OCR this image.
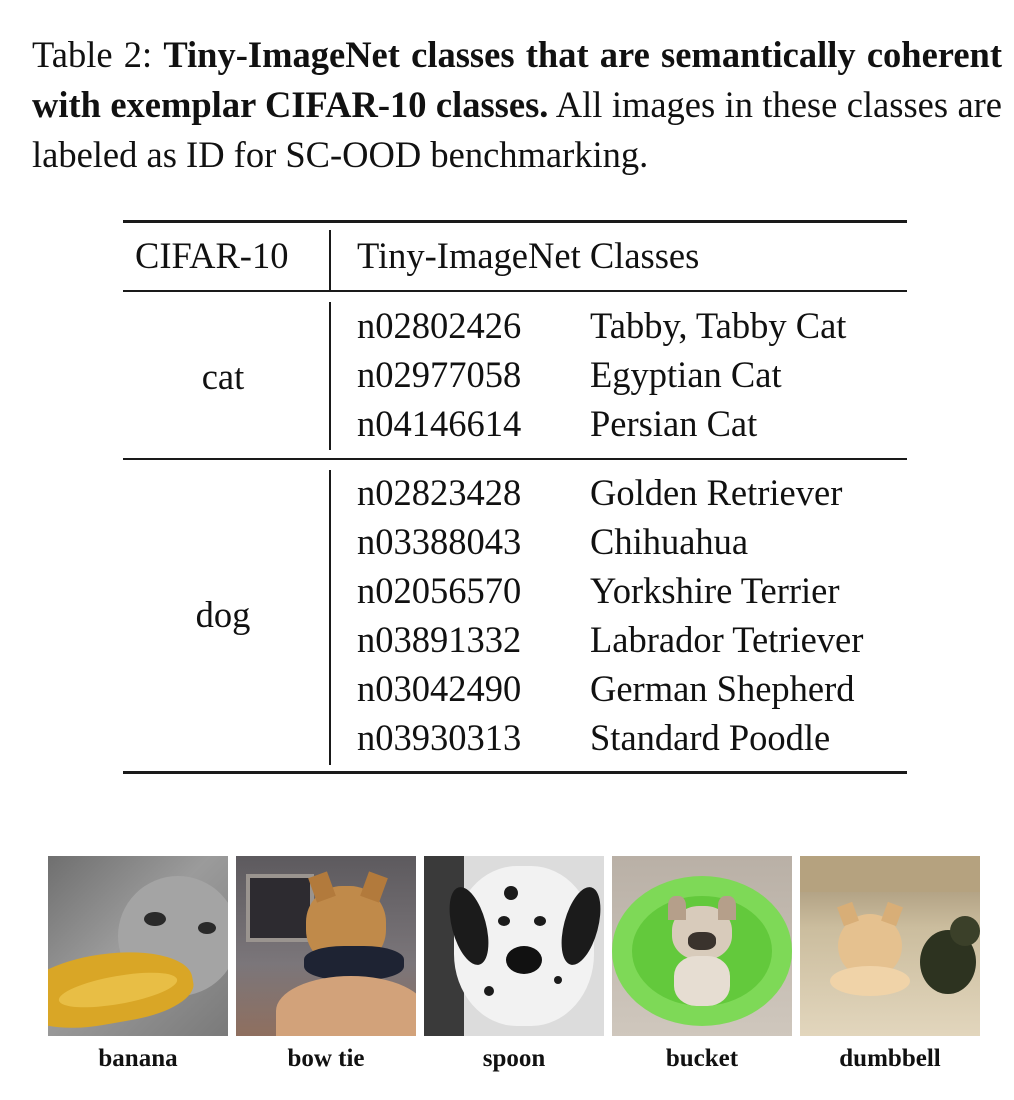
Table 2: Tiny-ImageNet classes that are semantically coherent with exemplar CIFAR-10 classes. All images in these classes are labeled as ID for SC-OOD benchmarking.
CIFAR-10 Tiny-ImageNet Classes
cat
n02802426 Tabby, Tabby Cat
n02977058 Egyptian Cat
n04146614 Persian Cat
dog
n02823428 Golden Retriever
n03388043 Chihuahua
n02056570 Yorkshire Terrier
n03891332 Labrador Tetriever
n03042490 German Shepherd
n03930313 Standard Poodle
banana	bow tie	spoon	bucket	dumbbell
